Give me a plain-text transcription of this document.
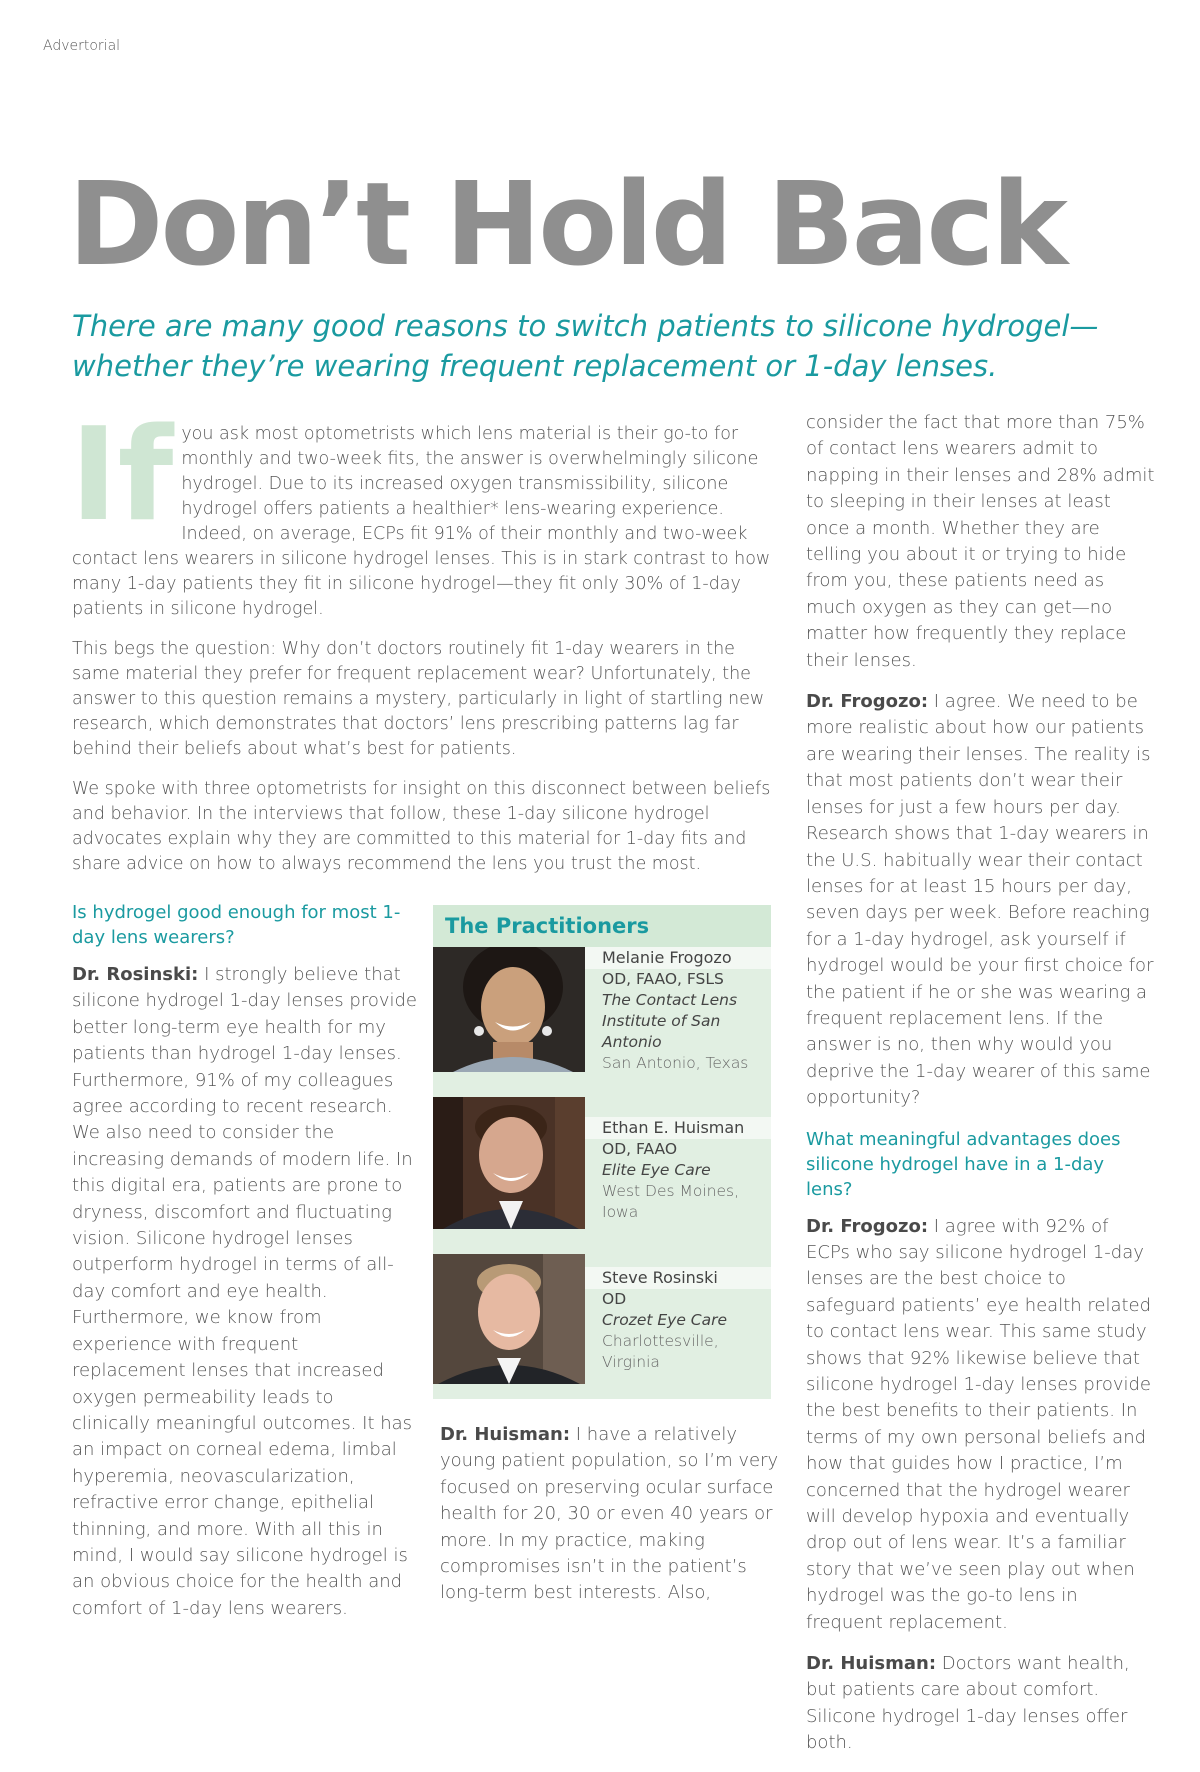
Advertorial
Don’t Hold Back
There are many good reasons to switch patients to silicone hydrogel—whether they’re wearing frequent replacement or 1-day lenses.

If you ask most optometrists which lens material is their go-to for monthly and two-week fits, the answer is overwhelmingly silicone hydrogel. Due to its increased oxygen transmissibility, silicone hydrogel offers patients a healthier* lens-wearing experience. Indeed, on average, ECPs fit 91% of their monthly and two-week contact lens wearers in silicone hydrogel lenses. This is in stark contrast to how many 1-day patients they fit in silicone hydrogel—they fit only 30% of 1-day patients in silicone hydrogel.

This begs the question: Why don’t doctors routinely fit 1-day wearers in the same material they prefer for frequent replacement wear? Unfortunately, the answer to this question remains a mystery, particularly in light of startling new research, which demonstrates that doctors’ lens prescribing patterns lag far behind their beliefs about what’s best for patients.

We spoke with three optometrists for insight on this disconnect between beliefs and behavior. In the interviews that follow, these 1-day silicone hydrogel advocates explain why they are committed to this material for 1-day fits and share advice on how to always recommend the lens you trust the most.

Is hydrogel good enough for most 1-day lens wearers?
Dr. Rosinski: I strongly believe that silicone hydrogel 1-day lenses provide better long-term eye health for my patients than hydrogel 1-day lenses. Furthermore, 91% of my colleagues agree according to recent research. We also need to consider the increasing demands of modern life. In this digital era, patients are prone to dryness, discomfort and fluctuating vision. Silicone hydrogel lenses outperform hydrogel in terms of all-day comfort and eye health. Furthermore, we know from experience with frequent replacement lenses that increased oxygen permeability leads to clinically meaningful outcomes. It has an impact on corneal edema, limbal hyperemia, neovascularization, refractive error change, epithelial thinning, and more. With all this in mind, I would say silicone hydrogel is an obvious choice for the health and comfort of 1-day lens wearers.
The Practitioners
Melanie Frogozo
OD, FAAO, FSLS
The Contact Lens Institute of San Antonio
San Antonio, Texas
Ethan E. Huisman
OD, FAAO
Elite Eye Care
West Des Moines, Iowa
Steve Rosinski
OD
Crozet Eye Care
Charlottesville, Virginia
Dr. Huisman: I have a relatively young patient population, so I’m very focused on preserving ocular surface health for 20, 30 or even 40 years or more. In my practice, making compromises isn’t in the patient’s long-term best interests. Also,

consider the fact that more than 75% of contact lens wearers admit to napping in their lenses and 28% admit to sleeping in their lenses at least once a month. Whether they are telling you about it or trying to hide from you, these patients need as much oxygen as they can get—no matter how frequently they replace their lenses.

Dr. Frogozo: I agree. We need to be more realistic about how our patients are wearing their lenses. The reality is that most patients don’t wear their lenses for just a few hours per day. Research shows that 1-day wearers in the U.S. habitually wear their contact lenses for at least 15 hours per day, seven days per week. Before reaching for a 1-day hydrogel, ask yourself if hydrogel would be your first choice for the patient if he or she was wearing a frequent replacement lens. If the answer is no, then why would you deprive the 1-day wearer of this same opportunity?

What meaningful advantages does silicone hydrogel have in a 1-day lens?

Dr. Frogozo: I agree with 92% of ECPs who say silicone hydrogel 1-day lenses are the best choice to safeguard patients’ eye health related to contact lens wear. This same study shows that 92% likewise believe that silicone hydrogel 1-day lenses provide the best benefits to their patients. In terms of my own personal beliefs and how that guides how I practice, I’m concerned that the hydrogel wearer will develop hypoxia and eventually drop out of lens wear. It’s a familiar story that we’ve seen play out when hydrogel was the go-to lens in frequent replacement.

Dr. Huisman: Doctors want health, but patients care about comfort. Silicone hydrogel 1-day lenses offer both.
